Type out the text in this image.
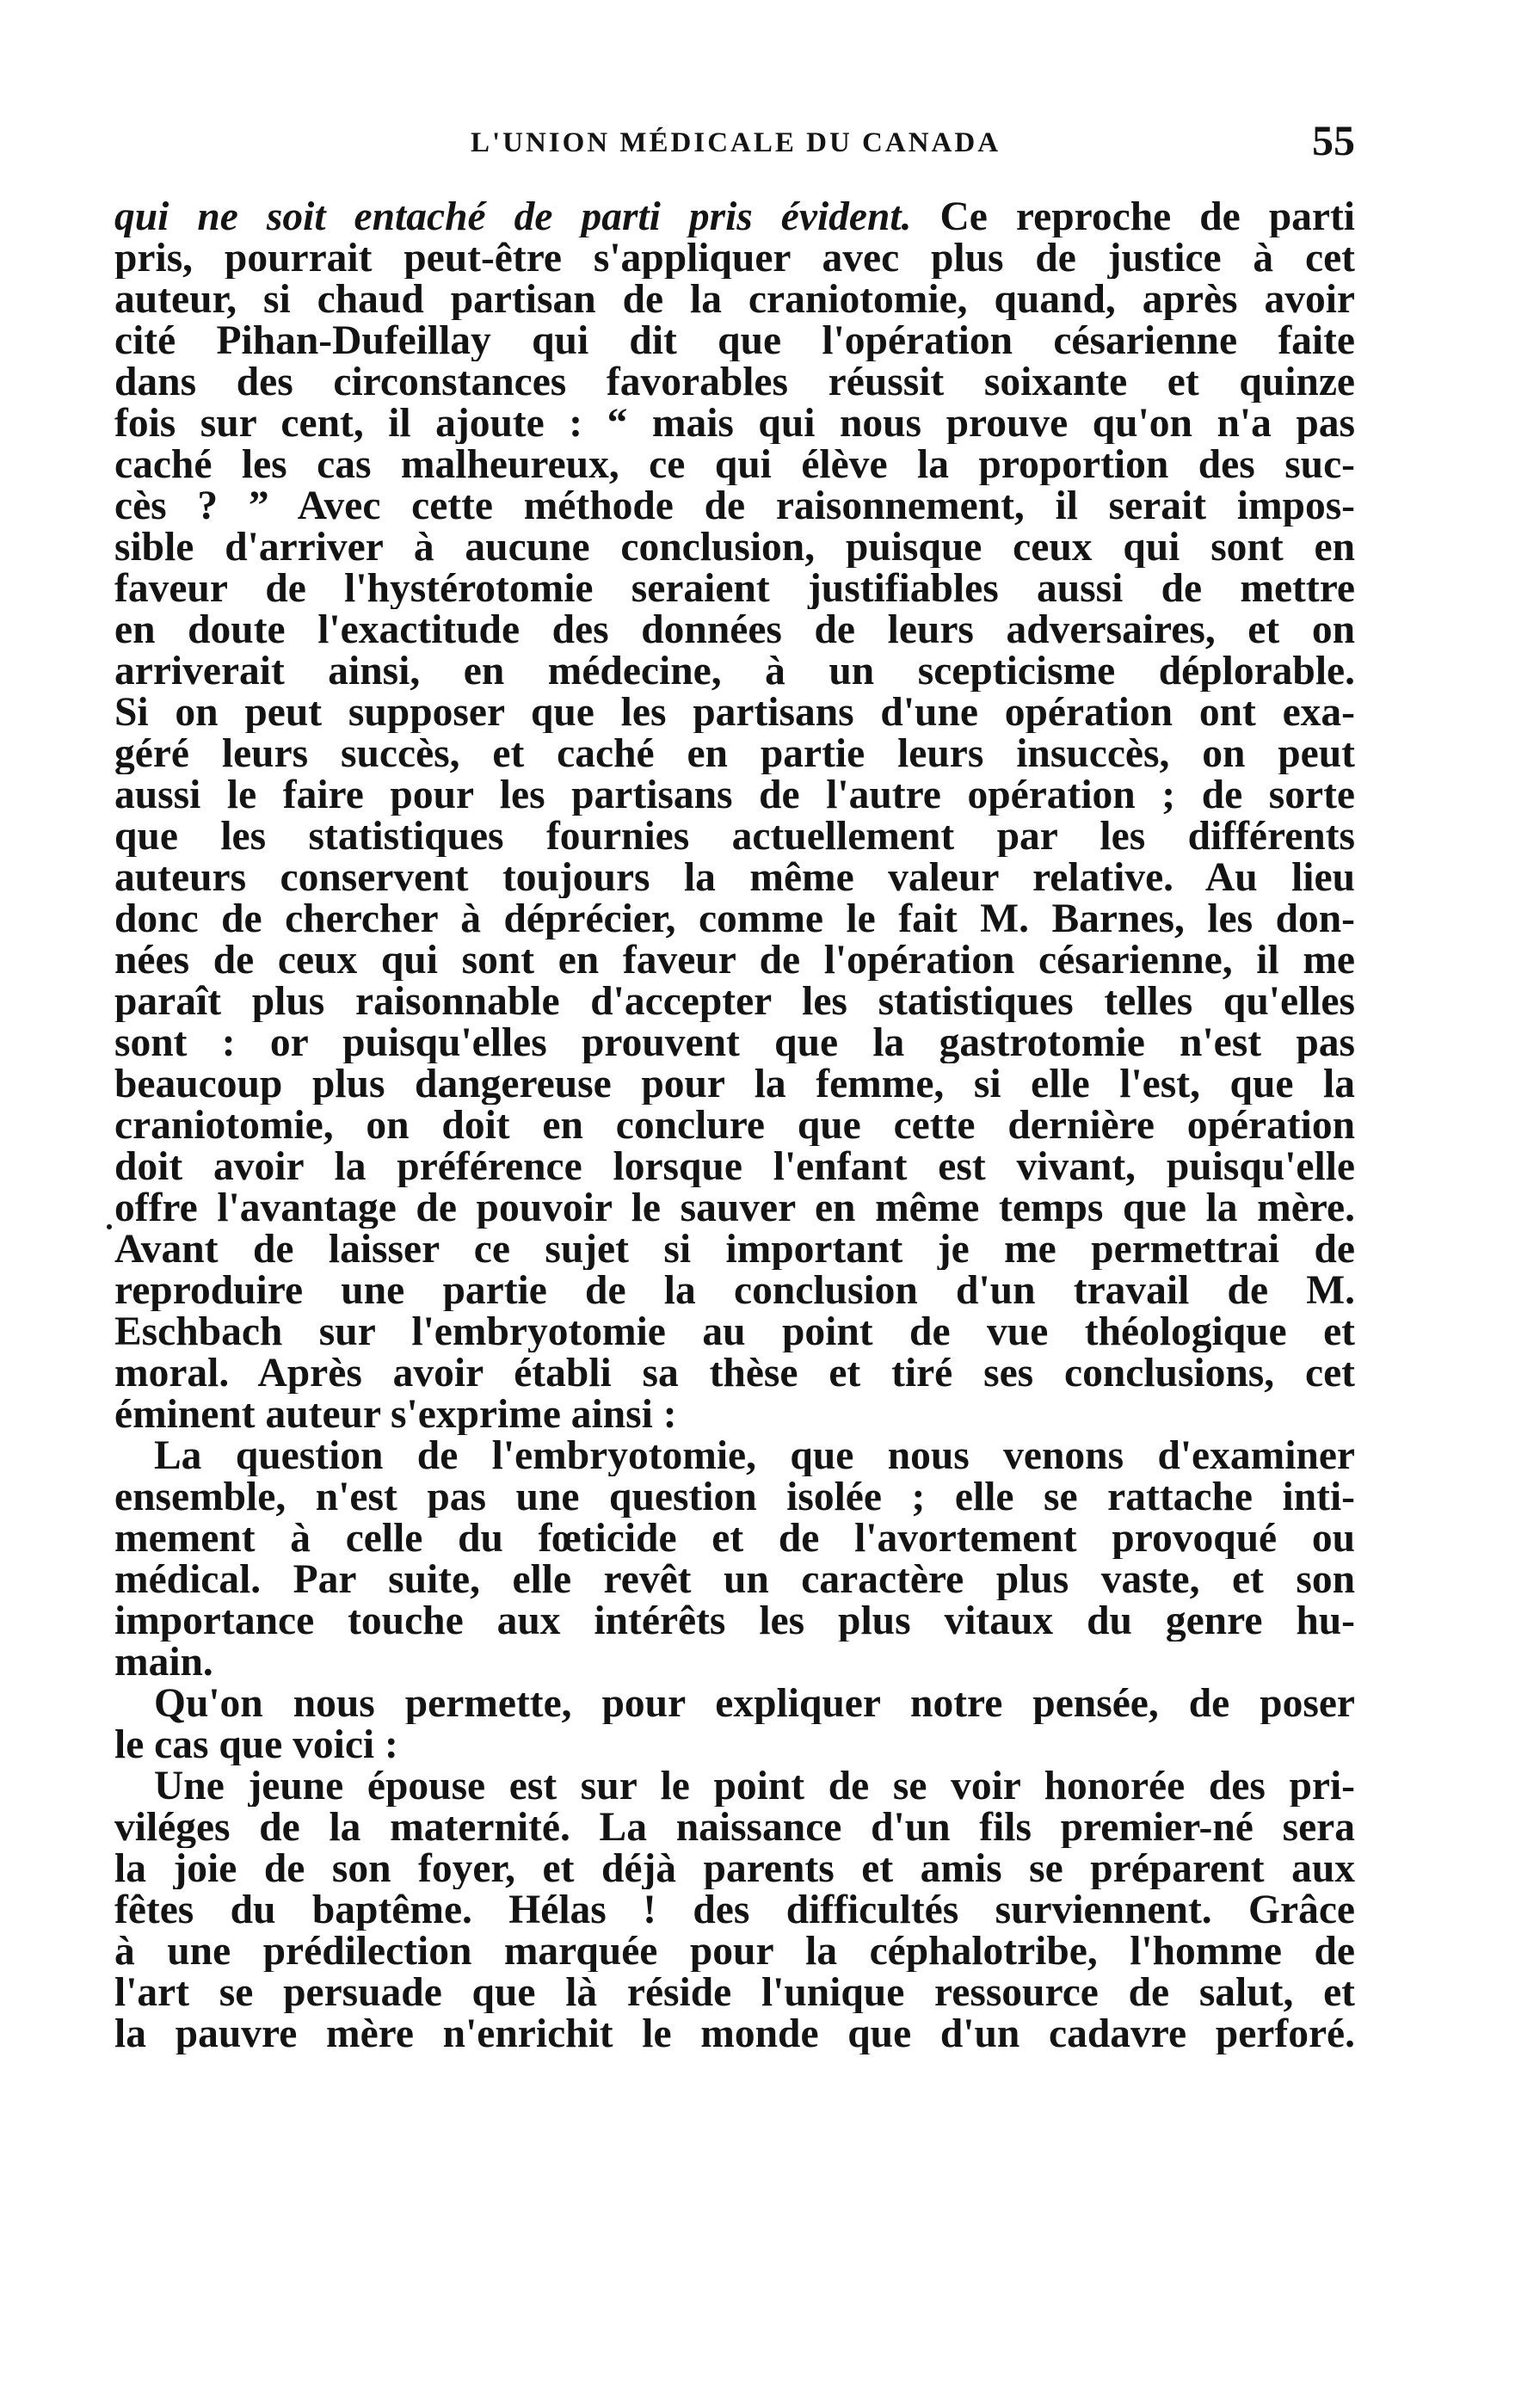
L'UNION MÉDICALE DU CANADA	55
qui ne soit entaché de parti pris évident. Ce reproche de parti
pris, pourrait peut-être s'appliquer avec plus de justice à cet
auteur, si chaud partisan de la craniotomie, quand, après avoir
cité Pihan-Dufeillay qui dit que l'opération césarienne faite
dans des circonstances favorables réussit soixante et quinze
fois sur cent, il ajoute : “ mais qui nous prouve qu'on n'a pas
caché les cas malheureux, ce qui élève la proportion des suc-
cès ? ” Avec cette méthode de raisonnement, il serait impos-
sible d'arriver à aucune conclusion, puisque ceux qui sont en
faveur de l'hystérotomie seraient justifiables aussi de mettre
en doute l'exactitude des données de leurs adversaires, et on
arriverait ainsi, en médecine, à un scepticisme déplorable.
Si on peut supposer que les partisans d'une opération ont exa-
géré leurs succès, et caché en partie leurs insuccès, on peut
aussi le faire pour les partisans de l'autre opération ; de sorte
que les statistiques fournies actuellement par les différents
auteurs conservent toujours la même valeur relative. Au lieu
donc de chercher à déprécier, comme le fait M. Barnes, les don-
nées de ceux qui sont en faveur de l'opération césarienne, il me
paraît plus raisonnable d'accepter les statistiques telles qu'elles
sont : or puisqu'elles prouvent que la gastrotomie n'est pas
beaucoup plus dangereuse pour la femme, si elle l'est, que la
craniotomie, on doit en conclure que cette dernière opération
doit avoir la préférence lorsque l'enfant est vivant, puisqu'elle
offre l'avantage de pouvoir le sauver en même temps que la mère.
Avant de laisser ce sujet si important je me permettrai de
reproduire une partie de la conclusion d'un travail de M.
Eschbach sur l'embryotomie au point de vue théologique et
moral. Après avoir établi sa thèse et tiré ses conclusions, cet
éminent auteur s'exprime ainsi :
La question de l'embryotomie, que nous venons d'examiner
ensemble, n'est pas une question isolée ; elle se rattache inti-
mement à celle du fœticide et de l'avortement provoqué ou
médical. Par suite, elle revêt un caractère plus vaste, et son
importance touche aux intérêts les plus vitaux du genre hu-
main.
Qu'on nous permette, pour expliquer notre pensée, de poser
le cas que voici :
Une jeune épouse est sur le point de se voir honorée des pri-
viléges de la maternité. La naissance d'un fils premier-né sera
la joie de son foyer, et déjà parents et amis se préparent aux
fêtes du baptême. Hélas ! des difficultés surviennent. Grâce
à une prédilection marquée pour la céphalotribe, l'homme de
l'art se persuade que là réside l'unique ressource de salut, et
la pauvre mère n'enrichit le monde que d'un cadavre perforé.
